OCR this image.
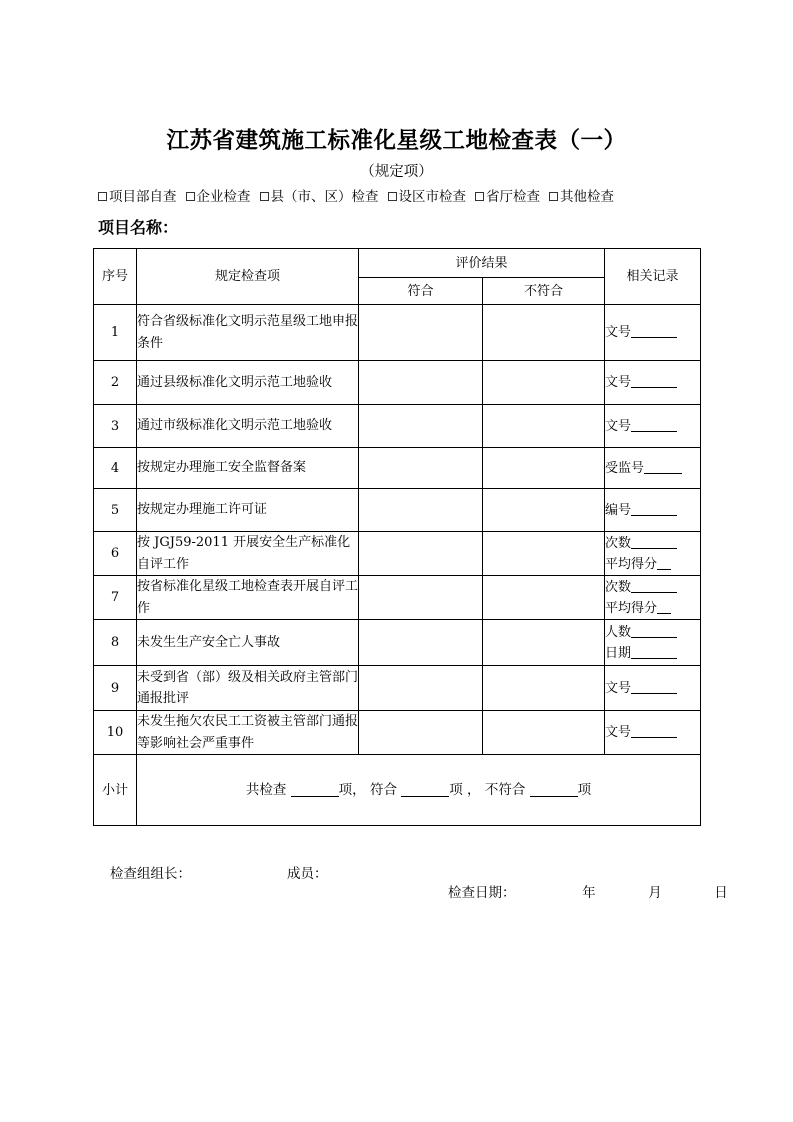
江苏省建筑施工标准化星级工地检查表（一）
（规定项）
项目部自查 企业检查 县（市、区）检查 设区市检查 省厅检查 其他检查
项目名称：
序号	规定检查项	评价结果		相关记录
		符合	不符合	
1	符合省级标准化文明示范星级工地申报条件			文号

2	通过县级标准化文明示范工地验收			文号

3	通过市级标准化文明示范工地验收			文号

4	按规定办理施工安全监督备案			受监号

5	按规定办理施工许可证			编号

6	按 JGJ59-2011 开展安全生产标准化自评工作			次数
平均得分

7	按省标准化星级工地检查表开展自评工作			次数
平均得分

8	未发生生产安全亡人事故			人数
日期

9	未受到省（部）级及相关政府主管部门通报批评			文号

10	未发生拖欠农民工工资被主管部门通报等影响社会严重事件			文号

小计	共检查 项， 符合 项 ， 不符合 项			
检查组组长：	成员：
检查日期：	年	月	日
